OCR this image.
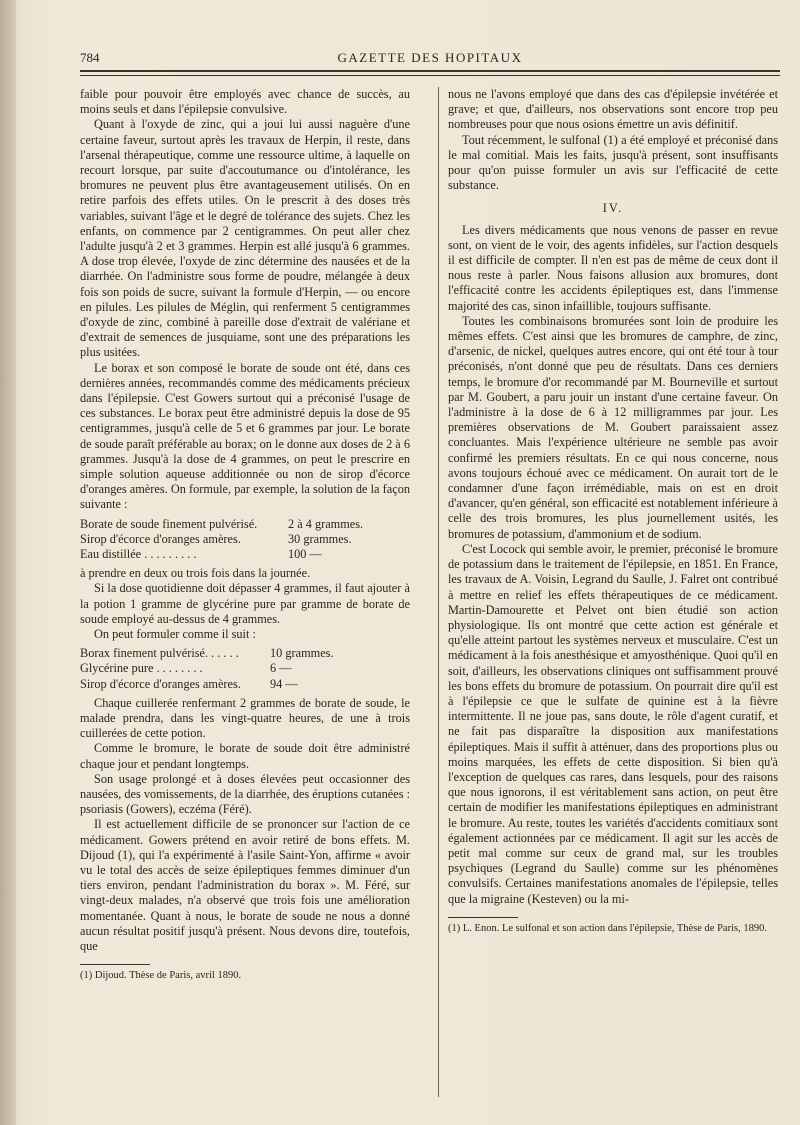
784	GAZETTE DES HOPITAUX

faible pour pouvoir être employés avec chance de succès, au moins seuls et dans l'épilepsie convulsive.

Quant à l'oxyde de zinc, qui a joui lui aussi naguère d'une certaine faveur, surtout après les travaux de Herpin, il reste, dans l'arsenal thérapeutique, comme une ressource ultime, à laquelle on recourt lorsque, par suite d'accoutumance ou d'intolérance, les bromures ne peuvent plus être avantageusement utilisés. On en retire parfois des effets utiles. On le prescrit à des doses très variables, suivant l'âge et le degré de tolérance des sujets. Chez les enfants, on commence par 2 centigrammes. On peut aller chez l'adulte jusqu'à 2 et 3 grammes. Herpin est allé jusqu'à 6 grammes. A dose trop élevée, l'oxyde de zinc détermine des nausées et de la diarrhée. On l'administre sous forme de poudre, mélangée à deux fois son poids de sucre, suivant la formule d'Herpin, — ou encore en pilules. Les pilules de Méglin, qui renferment 5 centigrammes d'oxyde de zinc, combiné à pareille dose d'extrait de valériane et d'extrait de semences de jusquiame, sont une des préparations les plus usitées.

Le borax et son composé le borate de soude ont été, dans ces dernières années, recommandés comme des médicaments précieux dans l'épilepsie. C'est Gowers surtout qui a préconisé l'usage de ces substances. Le borax peut être administré depuis la dose de 95 centigrammes, jusqu'à celle de 5 et 6 grammes par jour. Le borate de soude paraît préférable au borax; on le donne aux doses de 2 à 6 grammes. Jusqu'à la dose de 4 grammes, on peut le prescrire en simple solution aqueuse additionnée ou non de sirop d'écorce d'oranges amères. On formule, par exemple, la solution de la façon suivante :

Borate de soude finement pulvérisé.	2 à 4 grammes.
Sirop d'écorce d'oranges amères.	30 grammes.
Eau distillée . . . . . . . . .	100 —

à prendre en deux ou trois fois dans la journée.

Si la dose quotidienne doit dépasser 4 grammes, il faut ajouter à la potion 1 gramme de glycérine pure par gramme de borate de soude employé au-dessus de 4 grammes.

On peut formuler comme il suit :

Borax finement pulvérisé. . . . . .	10 grammes.
Glycérine pure . . . . . . . .	6 —
Sirop d'écorce d'oranges amères. 94 —

Chaque cuillerée renfermant 2 grammes de borate de soude, le malade prendra, dans les vingt-quatre heures, de une à trois cuillerées de cette potion.

Comme le bromure, le borate de soude doit être administré chaque jour et pendant longtemps.

Son usage prolongé et à doses élevées peut occasionner des nausées, des vomissements, de la diarrhée, des éruptions cutanées : psoriasis (Gowers), eczéma (Féré).

Il est actuellement difficile de se prononcer sur l'action de ce médicament. Gowers prétend en avoir retiré de bons effets. M. Dijoud (1), qui l'a expérimenté à l'asile Saint-Yon, affirme « avoir vu le total des accès de seize épileptiques femmes diminuer d'un tiers environ, pendant l'administration du borax ». M. Féré, sur vingt-deux malades, n'a observé que trois fois une amélioration momentanée. Quant à nous, le borate de soude ne nous a donné aucun résultat positif jusqu'à présent. Nous devons dire, toutefois, que

(1) Dijoud. Thèse de Paris, avril 1890.

nous ne l'avons employé que dans des cas d'épilepsie invétérée et grave; et que, d'ailleurs, nos observations sont encore trop peu nombreuses pour que nous osions émettre un avis définitif.

Tout récemment, le sulfonal (1) a été employé et préconisé dans le mal comitial. Mais les faits, jusqu'à présent, sont insuffisants pour qu'on puisse formuler un avis sur l'efficacité de cette substance.

IV.

Les divers médicaments que nous venons de passer en revue sont, on vient de le voir, des agents infidèles, sur l'action desquels il est difficile de compter. Il n'en est pas de même de ceux dont il nous reste à parler. Nous faisons allusion aux bromures, dont l'efficacité contre les accidents épileptiques est, dans l'immense majorité des cas, sinon infaillible, toujours suffisante.

Toutes les combinaisons bromurées sont loin de produire les mêmes effets. C'est ainsi que les bromures de camphre, de zinc, d'arsenic, de nickel, quelques autres encore, qui ont été tour à tour préconisés, n'ont donné que peu de résultats. Dans ces derniers temps, le bromure d'or recommandé par M. Bourneville et surtout par M. Goubert, a paru jouir un instant d'une certaine faveur. On l'administre à la dose de 6 à 12 milligrammes par jour. Les premières observations de M. Goubert paraissaient assez concluantes. Mais l'expérience ultérieure ne semble pas avoir confirmé les premiers résultats. En ce qui nous concerne, nous avons toujours échoué avec ce médicament. On aurait tort de le condamner d'une façon irrémédiable, mais on est en droit d'avancer, qu'en général, son efficacité est notablement inférieure à celle des trois bromures, les plus journellement usités, les bromures de potassium, d'ammonium et de sodium.

C'est Locock qui semble avoir, le premier, préconisé le bromure de potassium dans le traitement de l'épilepsie, en 1851. En France, les travaux de A. Voisin, Legrand du Saulle, J. Falret ont contribué à mettre en relief les effets thérapeutiques de ce médicament. Martin-Damourette et Pelvet ont bien étudié son action physiologique. Ils ont montré que cette action est générale et qu'elle atteint partout les systèmes nerveux et musculaire. C'est un médicament à la fois anesthésique et amyosthénique. Quoi qu'il en soit, d'ailleurs, les observations cliniques ont suffisamment prouvé les bons effets du bromure de potassium. On pourrait dire qu'il est à l'épilepsie ce que le sulfate de quinine est à la fièvre intermittente. Il ne joue pas, sans doute, le rôle d'agent curatif, et ne fait pas disparaître la disposition aux manifestations épileptiques. Mais il suffit à atténuer, dans des proportions plus ou moins marquées, les effets de cette disposition. Si bien qu'à l'exception de quelques cas rares, dans lesquels, pour des raisons que nous ignorons, il est véritablement sans action, on peut être certain de modifier les manifestations épileptiques en administrant le bromure. Au reste, toutes les variétés d'accidents comitiaux sont également actionnées par ce médicament. Il agit sur les accès de petit mal comme sur ceux de grand mal, sur les troubles psychiques (Legrand du Saulle) comme sur les phénomènes convulsifs. Certaines manifestations anomales de l'épilepsie, telles que la migraine (Kesteven) ou la mi-

(1) L. Enon. Le sulfonal et son action dans l'épilepsie, Thèse de Paris, 1890.
